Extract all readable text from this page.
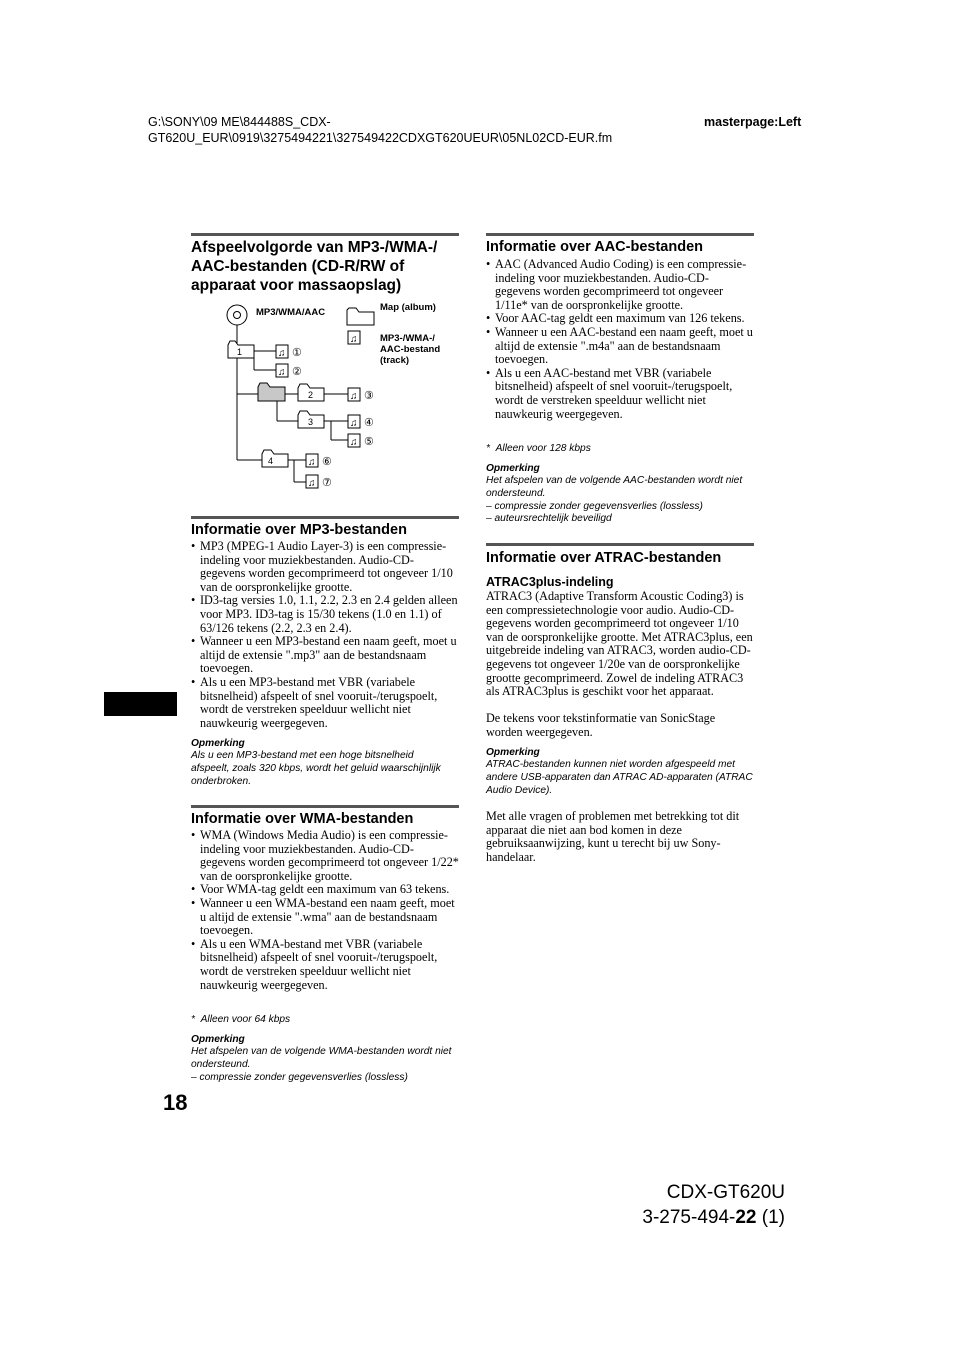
G:\SONY\09 ME\844488S_CDX-
GT620U_EUR\0919\3275494221\327549422CDXGT620UEUR\05NL02CD-EUR.fm
masterpage:Left
Afspeelvolgorde van MP3-/WMA-/ AAC-bestanden (CD-R/RW of apparaat voor massaopslag)
MP3/WMA/AAC
♫
1
2
3
4
♫ ①
♫ ②
♫ ③
♫ ④
♫ ⑤
♫ ⑥
♫ ⑦
Map (album)
MP3-/WMA-/ AAC-bestand (track)
Informatie over MP3-bestanden
• MP3 (MPEG-1 Audio Layer-3) is een compressie-indeling voor muziekbestanden. Audio-CD-gegevens worden gecomprimeerd tot ongeveer 1/10 van de oorspronkelijke grootte.
• ID3-tag versies 1.0, 1.1, 2.2, 2.3 en 2.4 gelden alleen voor MP3. ID3-tag is 15/30 tekens (1.0 en 1.1) of 63/126 tekens (2.2, 2.3 en 2.4).
• Wanneer u een MP3-bestand een naam geeft, moet u altijd de extensie ".mp3" aan de bestandsnaam toevoegen.
• Als u een MP3-bestand met VBR (variabele bitsnelheid) afspeelt of snel vooruit-/terugspoelt, wordt de verstreken speelduur wellicht niet nauwkeurig weergegeven.
Opmerking
Als u een MP3-bestand met een hoge bitsnelheid afspeelt, zoals 320 kbps, wordt het geluid waarschijnlijk onderbroken.
Informatie over WMA-bestanden
• WMA (Windows Media Audio) is een compressie-indeling voor muziekbestanden. Audio-CD-gegevens worden gecomprimeerd tot ongeveer 1/22* van de oorspronkelijke grootte.
• Voor WMA-tag geldt een maximum van 63 tekens.
• Wanneer u een WMA-bestand een naam geeft, moet u altijd de extensie ".wma" aan de bestandsnaam toevoegen.
• Als u een WMA-bestand met VBR (variabele bitsnelheid) afspeelt of snel vooruit-/terugspoelt, wordt de verstreken speelduur wellicht niet nauwkeurig weergegeven.
* Alleen voor 64 kbps
Opmerking
Het afspelen van de volgende WMA-bestanden wordt niet ondersteund.
– compressie zonder gegevensverlies (lossless)
Informatie over AAC-bestanden
• AAC (Advanced Audio Coding) is een compressie-indeling voor muziekbestanden. Audio-CD-gegevens worden gecomprimeerd tot ongeveer 1/11e* van de oorspronkelijke grootte.
• Voor AAC-tag geldt een maximum van 126 tekens.
• Wanneer u een AAC-bestand een naam geeft, moet u altijd de extensie ".m4a" aan de bestandsnaam toevoegen.
• Als u een AAC-bestand met VBR (variabele bitsnelheid) afspeelt of snel vooruit-/terugspoelt, wordt de verstreken speelduur wellicht niet nauwkeurig weergegeven.
* Alleen voor 128 kbps
Opmerking
Het afspelen van de volgende AAC-bestanden wordt niet ondersteund.
– compressie zonder gegevensverlies (lossless)
– auteursrechtelijk beveiligd
Informatie over ATRAC-bestanden
ATRAC3plus-indeling
ATRAC3 (Adaptive Transform Acoustic Coding3) is een compressietechnologie voor audio. Audio-CD-gegevens worden gecomprimeerd tot ongeveer 1/10 van de oorspronkelijke grootte. Met ATRAC3plus, een uitgebreide indeling van ATRAC3, worden audio-CD-gegevens tot ongeveer 1/20e van de oorspronkelijke grootte gecomprimeerd. Zowel de indeling ATRAC3 als ATRAC3plus is geschikt voor het apparaat.
De tekens voor tekstinformatie van SonicStage worden weergegeven.
Opmerking
ATRAC-bestanden kunnen niet worden afgespeeld met andere USB-apparaten dan ATRAC AD-apparaten (ATRAC Audio Device).
Met alle vragen of problemen met betrekking tot dit apparaat die niet aan bod komen in deze gebruiksaanwijzing, kunt u terecht bij uw Sony-handelaar.
18
CDX-GT620U
3-275-494-22 (1)
